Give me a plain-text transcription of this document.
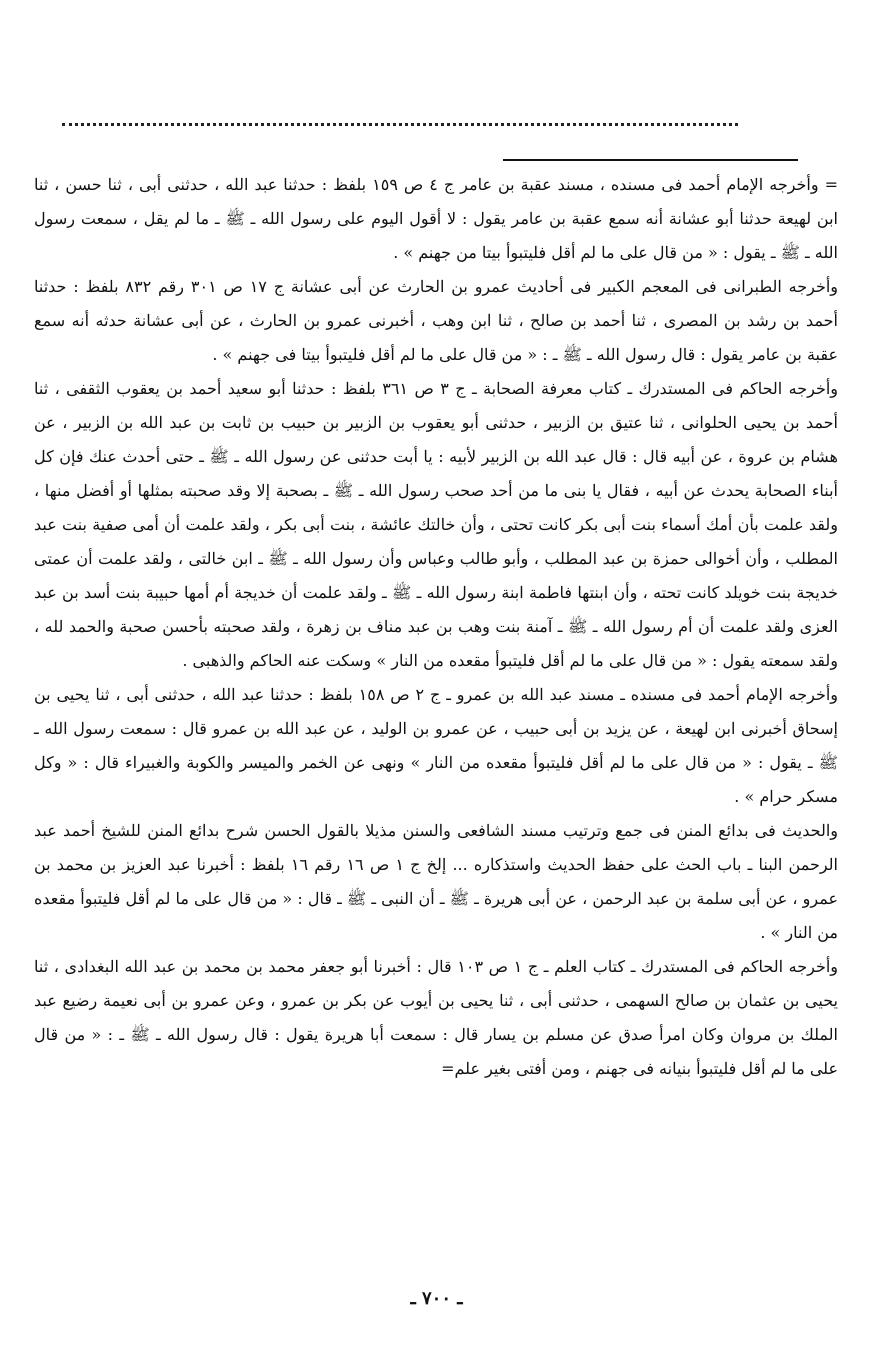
= وأخرجه الإمام أحمد فى مسنده ، مسند عقبة بن عامر ج ٤ ص ١٥٩ بلفظ : حدثنا عبد الله ، حدثنى أبى ، ثنا حسن ، ثنا ابن لهيعة حدثنا أبو عشانة أنه سمع عقبة بن عامر يقول : لا أقول اليوم على رسول الله ـ ﷺ ـ ما لم يقل ، سمعت رسول الله ـ ﷺ ـ يقول : « من قال على ما لم أقل فليتبوأ بيتا من جهنم » .

وأخرجه الطبرانى فى المعجم الكبير فى أحاديث عمرو بن الحارث عن أبى عشانة ج ١٧ ص ٣٠١ رقم ٨٣٢ بلفظ : حدثنا أحمد بن رشد بن المصرى ، ثنا أحمد بن صالح ، ثنا ابن وهب ، أخبرنى عمرو بن الحارث ، عن أبى عشانة حدثه أنه سمع عقبة بن عامر يقول : قال رسول الله ـ ﷺ ـ : « من قال على ما لم أقل فليتبوأ بيتا فى جهنم » .

وأخرجه الحاكم فى المستدرك ـ كتاب معرفة الصحابة ـ ج ٣ ص ٣٦١ بلفظ : حدثنا أبو سعيد أحمد بن يعقوب الثقفى ، ثنا أحمد بن يحيى الحلوانى ، ثنا عتيق بن الزبير ، حدثنى أبو يعقوب بن الزبير بن حبيب بن ثابت بن عبد الله بن الزبير ، عن هشام بن عروة ، عن أبيه قال : قال عبد الله بن الزبير لأبيه : يا أبت حدثنى عن رسول الله ـ ﷺ ـ حتى أحدث عنك فإن كل أبناء الصحابة يحدث عن أبيه ، فقال يا بنى ما من أحد صحب رسول الله ـ ﷺ ـ بصحبة إلا وقد صحبته بمثلها أو أفضل منها ، ولقد علمت بأن أمك أسماء بنت أبى بكر كانت تحتى ، وأن خالتك عائشة ، بنت أبى بكر ، ولقد علمت أن أمى صفية بنت عبد المطلب ، وأن أخوالى حمزة بن عبد المطلب ، وأبو طالب وعباس وأن رسول الله ـ ﷺ ـ ابن خالتى ، ولقد علمت أن عمتى خديجة بنت خويلد كانت تحته ، وأن ابنتها فاطمة ابنة رسول الله ـ ﷺ ـ ولقد علمت أن خديجة أم أمها حبيبة بنت أسد بن عبد العزى ولقد علمت أن أم رسول الله ـ ﷺ ـ آمنة بنت وهب بن عبد مناف بن زهرة ، ولقد صحبته بأحسن صحبة والحمد لله ، ولقد سمعته يقول : « من قال على ما لم أقل فليتبوأ مقعده من النار » وسكت عنه الحاكم والذهبى .

وأخرجه الإمام أحمد فى مسنده ـ مسند عبد الله بن عمرو ـ ج ٢ ص ١٥٨ بلفظ : حدثنا عبد الله ، حدثنى أبى ، ثنا يحيى بن إسحاق أخبرنى ابن لهيعة ، عن يزيد بن أبى حبيب ، عن عمرو بن الوليد ، عن عبد الله بن عمرو قال : سمعت رسول الله ـ ﷺ ـ يقول : « من قال على ما لم أقل فليتبوأ مقعده من النار » ونهى عن الخمر والميسر والكوبة والغبيراء قال : « وكل مسكر حرام » .

والحديث فى بدائع المنن فى جمع وترتيب مسند الشافعى والسنن مذيلا بالقول الحسن شرح بدائع المنن للشيخ أحمد عبد الرحمن البنا ـ باب الحث على حفظ الحديث واستذكاره ... إلخ ج ١ ص ١٦ رقم ١٦ بلفظ : أخبرنا عبد العزيز بن محمد بن عمرو ، عن أبى سلمة بن عبد الرحمن ، عن أبى هريرة ـ ﷺ ـ أن النبى ـ ﷺ ـ قال : « من قال على ما لم أقل فليتبوأ مقعده من النار » .

وأخرجه الحاكم فى المستدرك ـ كتاب العلم ـ ج ١ ص ١٠٣ قال : أخبرنا أبو جعفر محمد بن محمد بن عبد الله البغدادى ، ثنا يحيى بن عثمان بن صالح السهمى ، حدثنى أبى ، ثنا يحيى بن أيوب عن بكر بن عمرو ، وعن عمرو بن أبى نعيمة رضيع عبد الملك بن مروان وكان امرأ صدق عن مسلم بن يسار قال : سمعت أبا هريرة يقول : قال رسول الله ـ ﷺ ـ : « من قال على ما لم أقل فليتبوأ بنيانه فى جهنم ، ومن أفتى بغير علم=

ـ ٧٠٠ ـ
